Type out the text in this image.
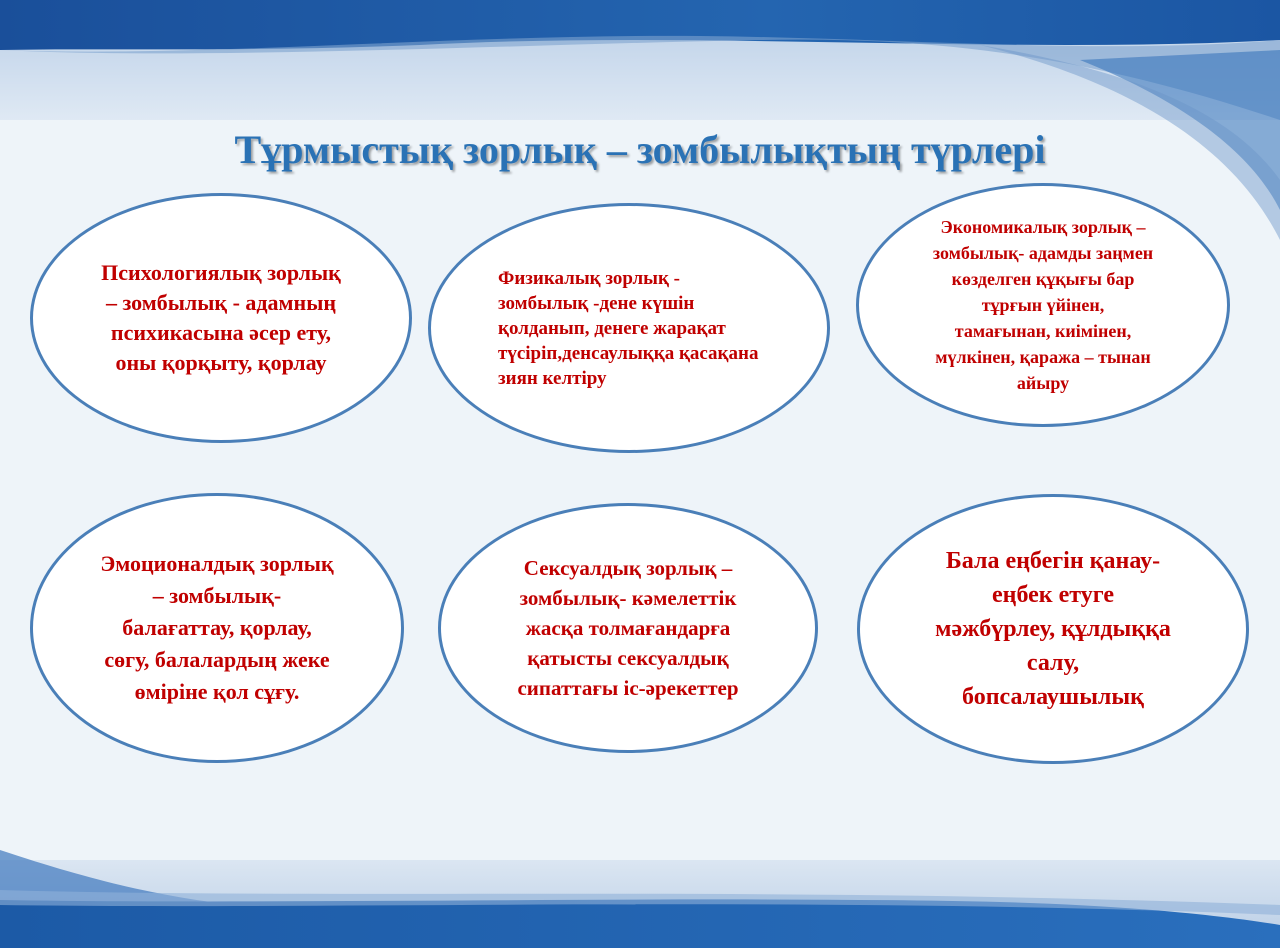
Тұрмыстық зорлық – зомбылықтың түрлері
Психологиялық зорлық – зомбылық - адамның психикасына әсер ету, оны қорқыту, қорлау
Физикалық зорлық - зомбылық -дене күшін қолданып, денеге жарақат түсіріп,денсаулыққа қасақана зиян келтіру
Экономикалық зорлық – зомбылық- адамды заңмен көзделген құқығы бар тұрғын үйінен, тамағынан, киімінен, мүлкінен, қаража – тынан айыру
Эмоционалдық зорлық – зомбылық- балағаттау, қорлау, сөгу, балалардың жеке өміріне қол сұғу.
Сексуалдық зорлық – зомбылық- кәмелеттік жасқа толмағандарға қатысты сексуалдық сипаттағы іс-әрекеттер
Бала еңбегін қанау- еңбек етуге мәжбүрлеу, құлдыққа салу, бопсалаушылық
